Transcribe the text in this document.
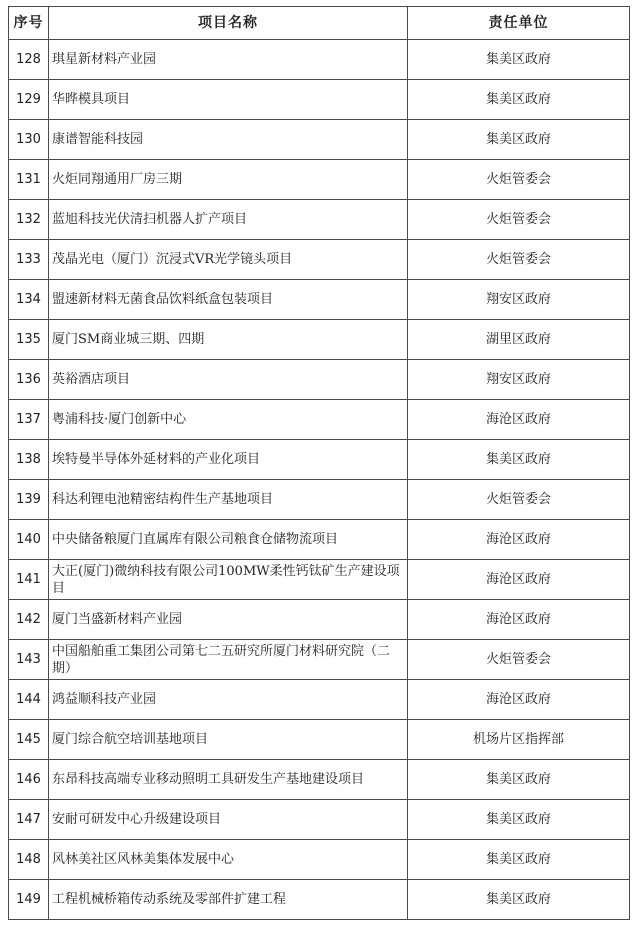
序号	项目名称	责任单位
128	琪星新材料产业园	集美区政府
129	华晔模具项目	集美区政府
130	康谱智能科技园	集美区政府
131	火炬同翔通用厂房三期	火炬管委会
132	蓝旭科技光伏清扫机器人扩产项目	火炬管委会
133	茂晶光电（厦门）沉浸式VR光学镜头项目	火炬管委会
134	盟速新材料无菌食品饮料纸盒包装项目	翔安区政府
135	厦门SM商业城三期、四期	湖里区政府
136	英裕酒店项目	翔安区政府
137	粤浦科技·厦门创新中心	海沧区政府
138	埃特曼半导体外延材料的产业化项目	集美区政府
139	科达利锂电池精密结构件生产基地项目	火炬管委会
140	中央储备粮厦门直属库有限公司粮食仓储物流项目	海沧区政府
141	大正(厦门)微纳科技有限公司100MW柔性钙钛矿生产建设项目	海沧区政府
142	厦门当盛新材料产业园	海沧区政府
143	中国船舶重工集团公司第七二五研究所厦门材料研究院（二期）	火炬管委会
144	鸿益顺科技产业园	海沧区政府
145	厦门综合航空培训基地项目	机场片区指挥部
146	东昂科技高端专业移动照明工具研发生产基地建设项目	集美区政府
147	安耐可研发中心升级建设项目	集美区政府
148	风林美社区风林美集体发展中心	集美区政府
149	工程机械桥箱传动系统及零部件扩建工程	集美区政府
